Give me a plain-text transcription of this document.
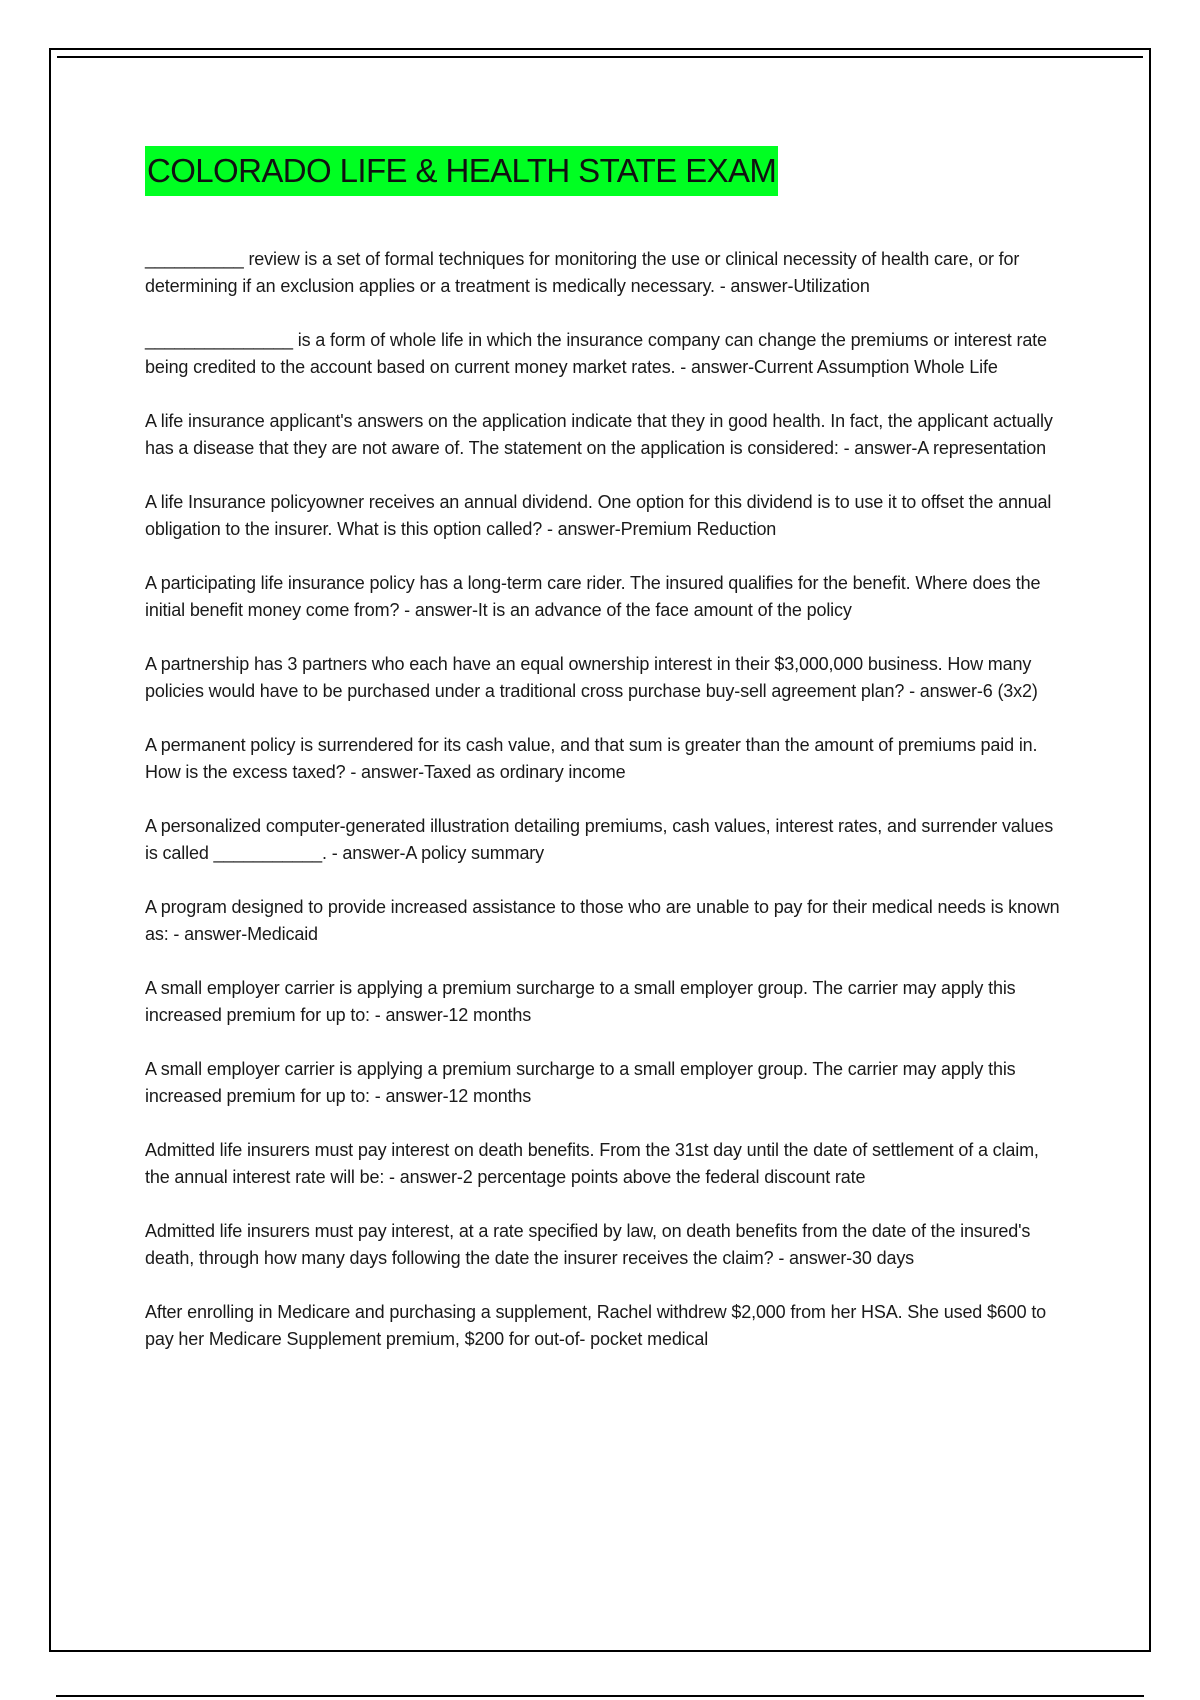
COLORADO LIFE & HEALTH STATE EXAM

__________ review is a set of formal techniques for monitoring the use or clinical necessity of health care, or for determining if an exclusion applies or a treatment is medically necessary. - answer-Utilization

_______________ is a form of whole life in which the insurance company can change the premiums or interest rate being credited to the account based on current money market rates. - answer-Current Assumption Whole Life

A life insurance applicant's answers on the application indicate that they in good health. In fact, the applicant actually has a disease that they are not aware of. The statement on the application is considered: - answer-A representation

A life Insurance policyowner receives an annual dividend. One option for this dividend is to use it to offset the annual obligation to the insurer. What is this option called? - answer-Premium Reduction

A participating life insurance policy has a long-term care rider. The insured qualifies for the benefit. Where does the initial benefit money come from? - answer-It is an advance of the face amount of the policy

A partnership has 3 partners who each have an equal ownership interest in their $3,000,000 business. How many policies would have to be purchased under a traditional cross purchase buy-sell agreement plan? - answer-6 (3x2)

A permanent policy is surrendered for its cash value, and that sum is greater than the amount of premiums paid in. How is the excess taxed? - answer-Taxed as ordinary income

A personalized computer-generated illustration detailing premiums, cash values, interest rates, and surrender values is called ___________. - answer-A policy summary

A program designed to provide increased assistance to those who are unable to pay for their medical needs is known as: - answer-Medicaid

A small employer carrier is applying a premium surcharge to a small employer group. The carrier may apply this increased premium for up to: - answer-12 months

A small employer carrier is applying a premium surcharge to a small employer group. The carrier may apply this increased premium for up to: - answer-12 months

Admitted life insurers must pay interest on death benefits. From the 31st day until the date of settlement of a claim, the annual interest rate will be: - answer-2 percentage points above the federal discount rate

Admitted life insurers must pay interest, at a rate specified by law, on death benefits from the date of the insured's death, through how many days following the date the insurer receives the claim? - answer-30 days

After enrolling in Medicare and purchasing a supplement, Rachel withdrew $2,000 from her HSA. She used $600 to pay her Medicare Supplement premium, $200 for out-of- pocket medical
